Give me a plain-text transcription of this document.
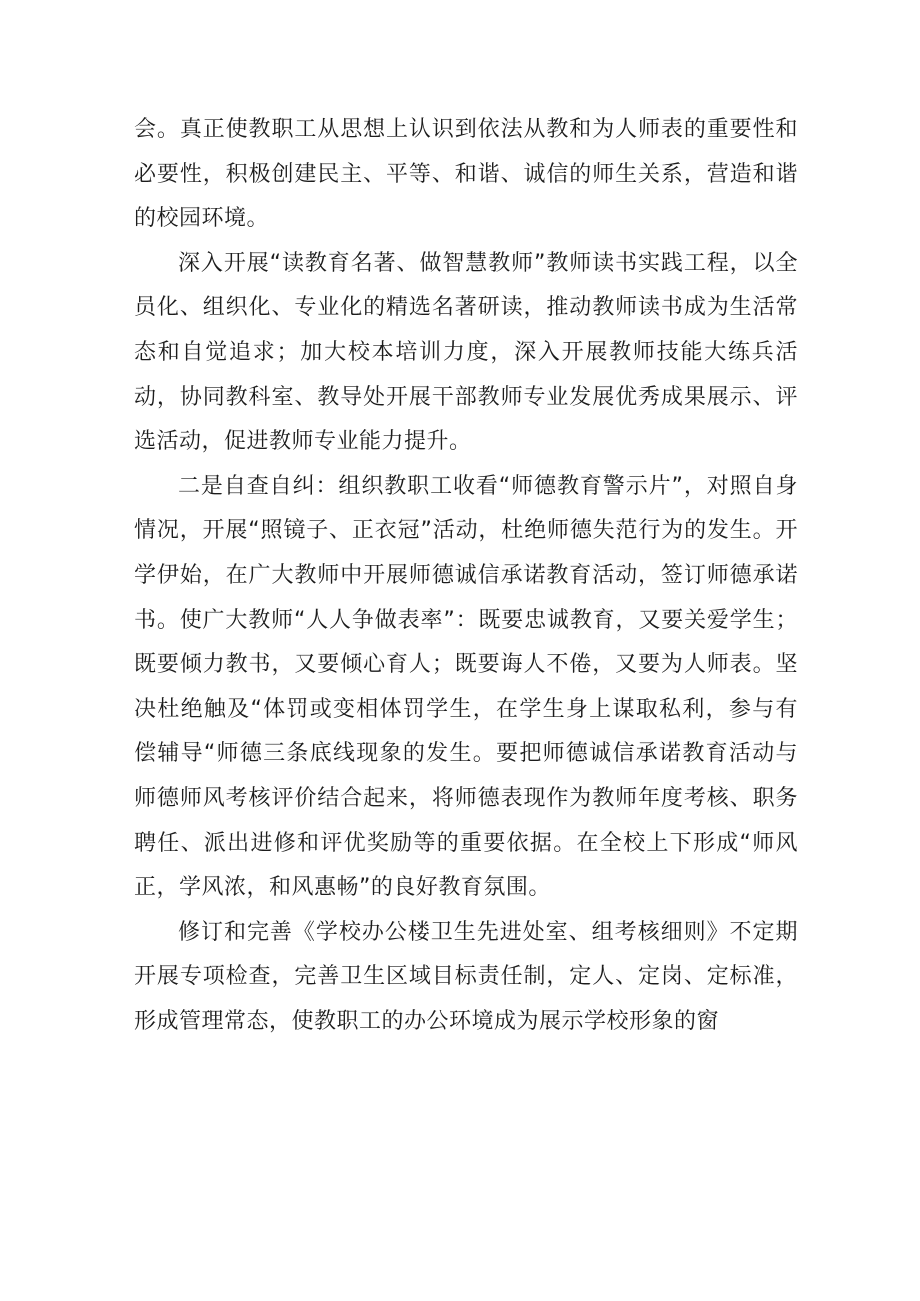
会。真正使教职工从思想上认识到依法从教和为人师表的重要性和必要性，积极创建民主、平等、和谐、诚信的师生关系，营造和谐的校园环境。

深入开展“读教育名著、做智慧教师”教师读书实践工程，以全员化、组织化、专业化的精选名著研读，推动教师读书成为生活常态和自觉追求；加大校本培训力度，深入开展教师技能大练兵活动，协同教科室、教导处开展干部教师专业发展优秀成果展示、评选活动，促进教师专业能力提升。

二是自查自纠：组织教职工收看“师德教育警示片”，对照自身情况，开展“照镜子、正衣冠”活动，杜绝师德失范行为的发生。开学伊始，在广大教师中开展师德诚信承诺教育活动，签订师德承诺书。使广大教师“人人争做表率”：既要忠诚教育，又要关爱学生；既要倾力教书，又要倾心育人；既要诲人不倦，又要为人师表。坚决杜绝触及“体罚或变相体罚学生，在学生身上谋取私利，参与有偿辅导“师德三条底线现象的发生。要把师德诚信承诺教育活动与师德师风考核评价结合起来，将师德表现作为教师年度考核、职务聘任、派出进修和评优奖励等的重要依据。在全校上下形成“师风正，学风浓，和风惠畅”的良好教育氛围。

修订和完善《学校办公楼卫生先进处室、组考核细则》不定期开展专项检查，完善卫生区域目标责任制，定人、定岗、定标准，形成管理常态，使教职工的办公环境成为展示学校形象的窗
